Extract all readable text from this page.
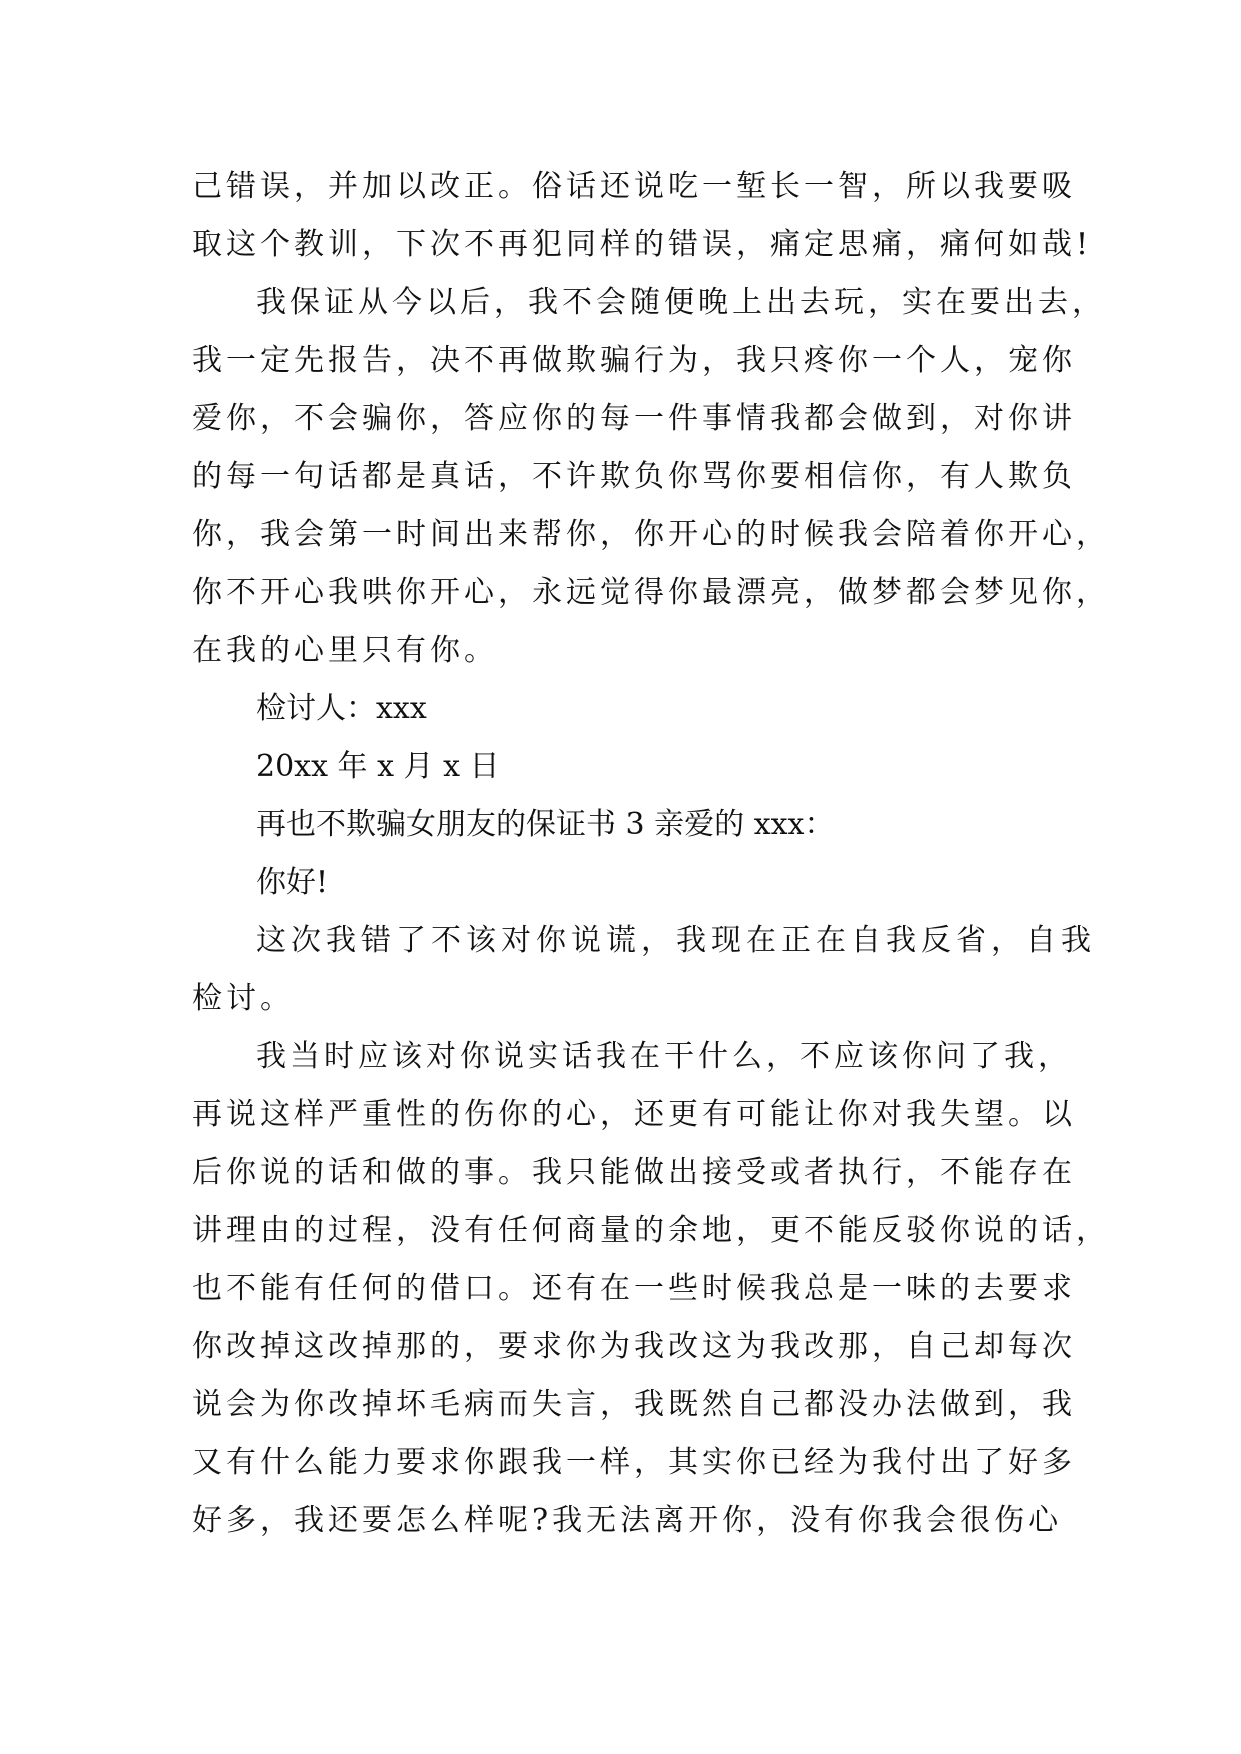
己错误，并加以改正。俗话还说吃一堑长一智，所以我要吸
取这个教训，下次不再犯同样的错误，痛定思痛，痛何如哉!
我保证从今以后，我不会随便晚上出去玩，实在要出去，
我一定先报告，决不再做欺骗行为，我只疼你一个人，宠你
爱你，不会骗你，答应你的每一件事情我都会做到，对你讲
的每一句话都是真话，不许欺负你骂你要相信你，有人欺负
你，我会第一时间出来帮你，你开心的时候我会陪着你开心，
你不开心我哄你开心，永远觉得你最漂亮，做梦都会梦见你，
在我的心里只有你。
检讨人：xxx
20xx 年 x 月 x 日
再也不欺骗女朋友的保证书 3 亲爱的 xxx：
你好!
这次我错了不该对你说谎，我现在正在自我反省，自我
检讨。
我当时应该对你说实话我在干什么，不应该你问了我，
再说这样严重性的伤你的心，还更有可能让你对我失望。以
后你说的话和做的事。我只能做出接受或者执行，不能存在
讲理由的过程，没有任何商量的余地，更不能反驳你说的话，
也不能有任何的借口。还有在一些时候我总是一味的去要求
你改掉这改掉那的，要求你为我改这为我改那，自己却每次
说会为你改掉坏毛病而失言，我既然自己都没办法做到，我
又有什么能力要求你跟我一样，其实你已经为我付出了好多
好多，我还要怎么样呢?我无法离开你，没有你我会很伤心
